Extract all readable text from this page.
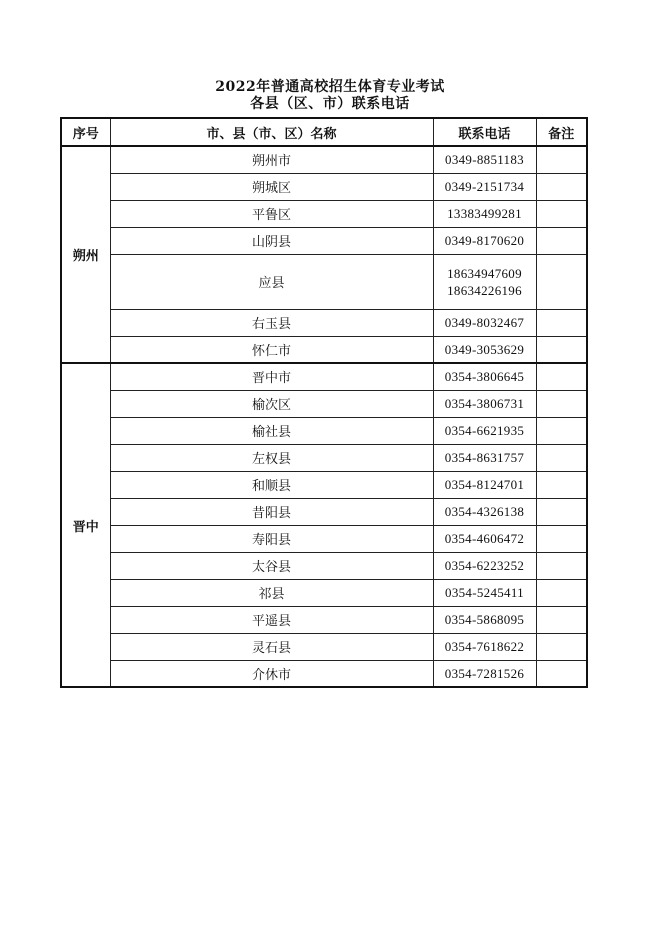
2022年普通高校招生体育专业考试
各县（区、市）联系电话
序号	市、县（市、区）名称	联系电话	备注
朔州	朔州市	0349-8851183	

	朔城区	0349-2151734	

	平鲁区	13383499281	

	山阴县	0349-8170620	

	应县	18634947609
18634226196	

	右玉县	0349-8032467	

	怀仁市	0349-3053629	

晋中	晋中市	0354-3806645	

	榆次区	0354-3806731	

	榆社县	0354-6621935	

	左权县	0354-8631757	

	和顺县	0354-8124701	

	昔阳县	0354-4326138	

	寿阳县	0354-4606472	

	太谷县	0354-6223252	

	祁县	0354-5245411	

	平遥县	0354-5868095	

	灵石县	0354-7618622	

	介休市	0354-7281526	
